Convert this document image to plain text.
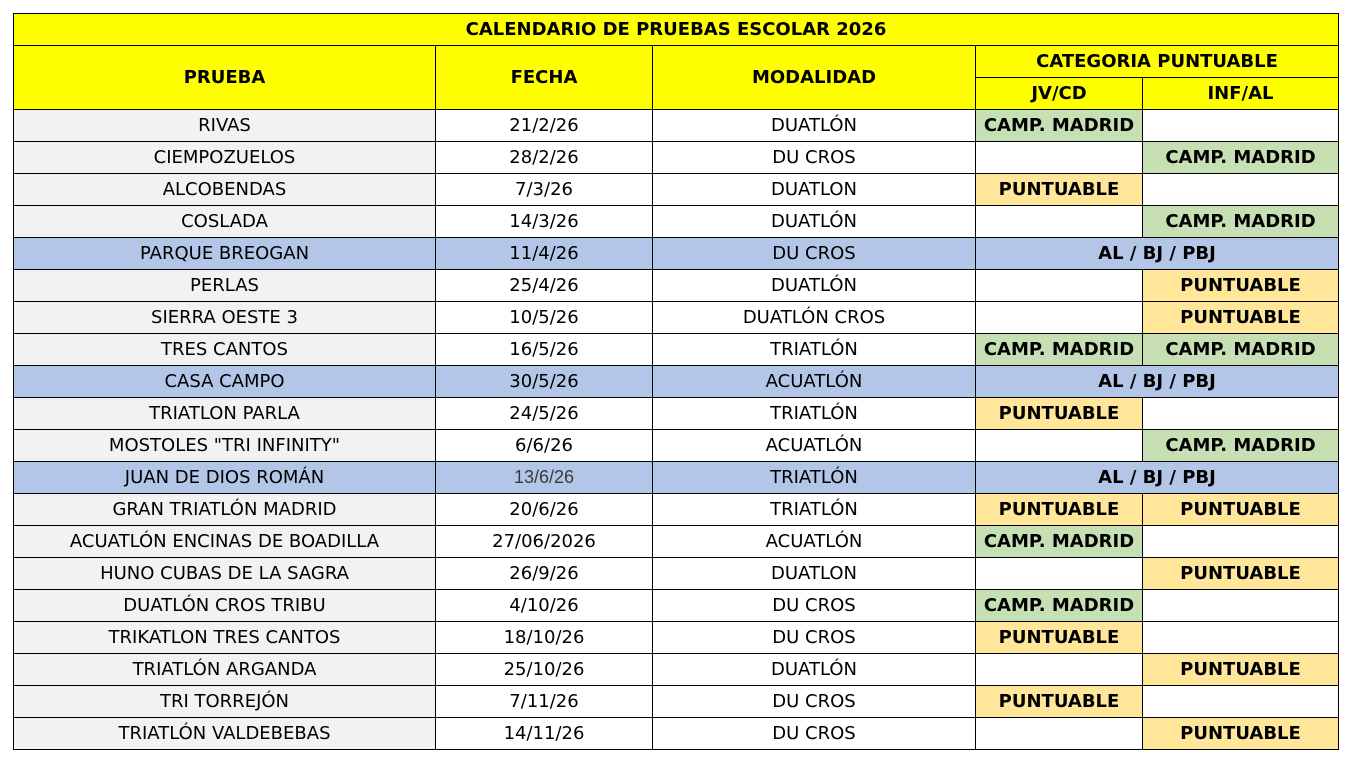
CALENDARIO DE PRUEBAS ESCOLAR 2026				
PRUEBA	FECHA	MODALIDAD	CATEGORIA PUNTUABLE	
			JV/CD	INF/AL
RIVAS	21/2/26	DUATLÓN	CAMP. MADRID	
CIEMPOZUELOS	28/2/26	DU CROS		CAMP. MADRID
ALCOBENDAS	7/3/26	DUATLON	PUNTUABLE	
COSLADA	14/3/26	DUATLÓN		CAMP. MADRID
PARQUE BREOGAN	11/4/26	DU CROS	AL / BJ / PBJ	
PERLAS	25/4/26	DUATLÓN		PUNTUABLE
SIERRA OESTE 3	10/5/26	DUATLÓN CROS		PUNTUABLE
TRES CANTOS	16/5/26	TRIATLÓN	CAMP. MADRID	CAMP. MADRID
CASA CAMPO	30/5/26	ACUATLÓN	AL / BJ / PBJ	
TRIATLON PARLA	24/5/26	TRIATLÓN	PUNTUABLE	
MOSTOLES "TRI INFINITY"	6/6/26	ACUATLÓN		CAMP. MADRID
JUAN DE DIOS ROMÁN	13/6/26	TRIATLÓN	AL / BJ / PBJ	
GRAN TRIATLÓN MADRID	20/6/26	TRIATLÓN	PUNTUABLE	PUNTUABLE
ACUATLÓN ENCINAS DE BOADILLA	27/06/2026	ACUATLÓN	CAMP. MADRID	
HUNO CUBAS DE LA SAGRA	26/9/26	DUATLON		PUNTUABLE
DUATLÓN CROS TRIBU	4/10/26	DU CROS	CAMP. MADRID	
TRIKATLON TRES CANTOS	18/10/26	DU CROS	PUNTUABLE	
TRIATLÓN ARGANDA	25/10/26	DUATLÓN		PUNTUABLE
TRI TORREJÓN	7/11/26	DU CROS	PUNTUABLE	
TRIATLÓN VALDEBEBAS	14/11/26	DU CROS		PUNTUABLE
